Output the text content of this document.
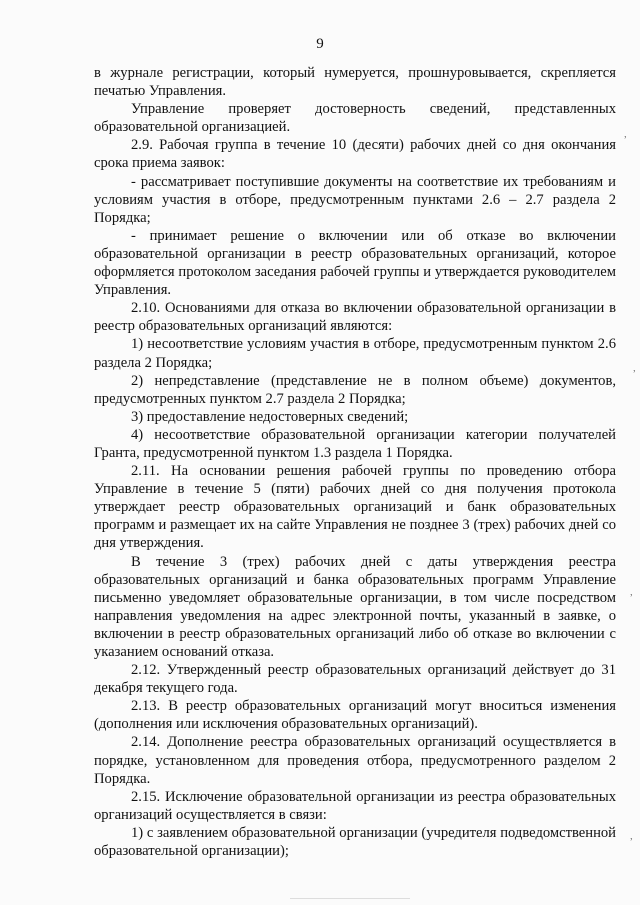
9

в журнале регистрации, который нумеруется, прошнуровывается, скрепляется печатью Управления.

Управление проверяет достоверность сведений, представленных образовательной организацией.

2.9. Рабочая группа в течение 10 (десяти) рабочих дней со дня окончания срока приема заявок:

- рассматривает поступившие документы на соответствие их требованиям и условиям участия в отборе, предусмотренным пунктами 2.6 – 2.7 раздела 2 Порядка;

- принимает решение о включении или об отказе во включении образовательной организации в реестр образовательных организаций, которое оформляется протоколом заседания рабочей группы и утверждается руководителем Управления.

2.10. Основаниями для отказа во включении образовательной организации в реестр образовательных организаций являются:

1) несоответствие условиям участия в отборе, предусмотренным пунктом 2.6 раздела 2 Порядка;

2) непредставление (представление не в полном объеме) документов, предусмотренных пунктом 2.7 раздела 2 Порядка;

3) предоставление недостоверных сведений;

4) несоответствие образовательной организации категории получателей Гранта, предусмотренной пунктом 1.3 раздела 1 Порядка.

2.11. На основании решения рабочей группы по проведению отбора Управление в течение 5 (пяти) рабочих дней со дня получения протокола утверждает реестр образовательных организаций и банк образовательных программ и размещает их на сайте Управления не позднее 3 (трех) рабочих дней со дня утверждения.

В течение 3 (трех) рабочих дней с даты утверждения реестра образовательных организаций и банка образовательных программ Управление письменно уведомляет образовательные организации, в том числе посредством направления уведомления на адрес электронной почты, указанный в заявке, о включении в реестр образовательных организаций либо об отказе во включении с указанием оснований отказа.

2.12. Утвержденный реестр образовательных организаций действует до 31 декабря текущего года.

2.13. В реестр образовательных организаций могут вноситься изменения (дополнения или исключения образовательных организаций).

2.14. Дополнение реестра образовательных организаций осуществляется в порядке, установленном для проведения отбора, предусмотренного разделом 2 Порядка.

2.15. Исключение образовательной организации из реестра образовательных организаций осуществляется в связи:

1) с заявлением образовательной организации (учредителя подведомственной образовательной организации);

,
,
,
,
